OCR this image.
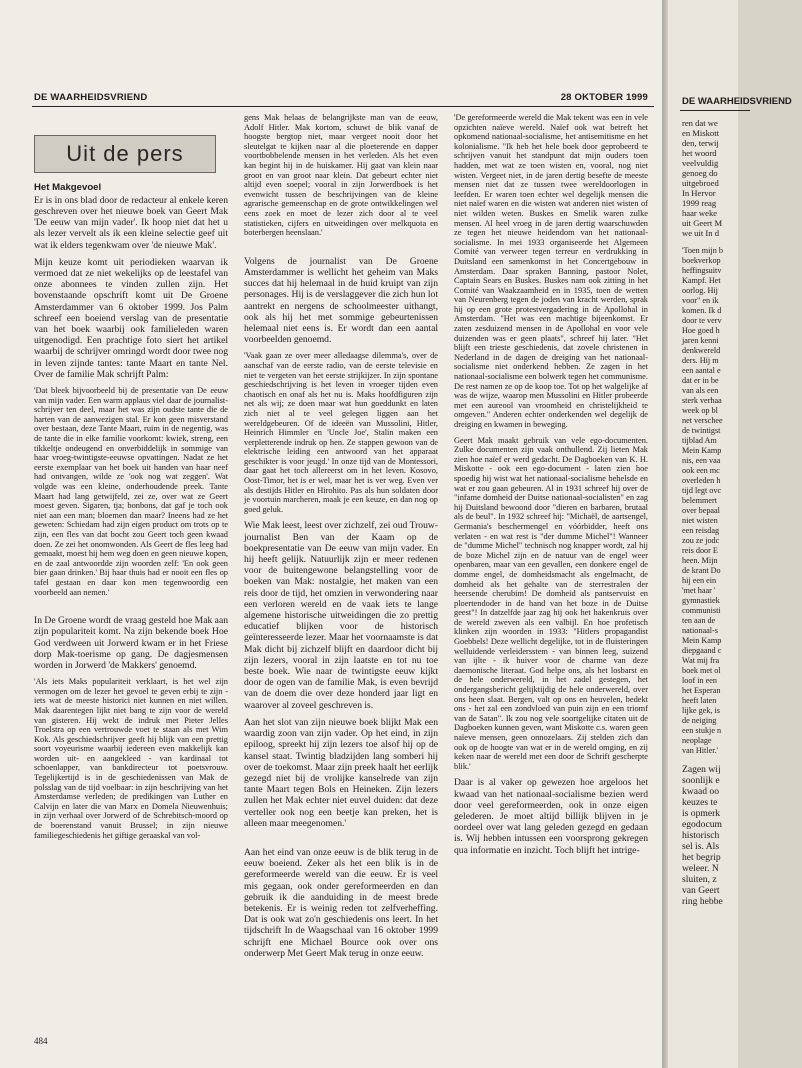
DE WAARHEIDSVRIEND	28 OKTOBER 1999
Uit de pers
Het Makgevoel

Er is in ons blad door de redacteur al enkele keren geschreven over het nieuwe boek van Geert Mak 'De eeuw van mijn vader'. Ik hoop niet dat het u als lezer vervelt als ik een kleine selectie geef uit wat ik elders tegenkwam over 'de nieuwe Mak'.

Mijn keuze komt uit periodieken waarvan ik vermoed dat ze niet wekelijks op de leestafel van onze abonnees te vinden zullen zijn. Het bovenstaande opschrift komt uit De Groene Amsterdammer van 6 oktober 1999. Jos Palm schreef een boeiend verslag van de presentatie van het boek waarbij ook familieleden waren uitgenodigd. Een prachtige foto siert het artikel waarbij de schrijver omringd wordt door twee nog in leven zijnde tantes: tante Maart en tante Nel. Over de familie Mak schrijft Palm:

'Dat bleek bijvoorbeeld bij de presentatie van De eeuw van mijn vader. Een warm applaus viel daar de journalist-schrijver ten deel, maar het was zijn oudste tante die de harten van de aanwezigen stal. Er kon geen misverstand over bestaan, deze Tante Maart, ruim in de negentig, was de tante die in elke familie voorkomt: kwiek, streng, een tikkeltje ondeugend en onverbiddelijk in sommige van haar vroeg-twintigste-eeuwse opvattingen. Nadat ze het eerste exemplaar van het boek uit handen van haar neef had ontvangen, wilde ze 'ook nog wat zeggen'. Wat volgde was een kleine, onderhoudende preek. Tante Maart had lang getwijfeld, zei ze, over wat ze Geert moest geven. Sigaren, tja; bonbons, dat gaf je toch ook niet aan een man; bloemen dan maar? Ineens had ze het geweten: Schiedam had zijn eigen product om trots op te zijn, een fles van dat bocht zou Geert toch geen kwaad doen. Ze zei het onomwonden. Als Geert de fles leeg had gemaakt, moest hij hem weg doen en geen nieuwe kopen, en de zaal antwoordde zijn woorden zelf: 'En ook geen bier gaan drinken.' Bij haar thuis had er nooit een fles op tafel gestaan en daar kon men tegenwoordig een voorbeeld aan nemen.'

In De Groene wordt de vraag gesteld hoe Mak aan zijn populariteit komt. Na zijn bekende boek Hoe God verdween uit Jorwerd kwam er in het Friese dorp Mak-toerisme op gang. De dagjesmensen worden in Jorwerd 'de Makkers' genoemd.

'Als iets Maks populariteit verklaart, is het wel zijn vermogen om de lezer het gevoel te geven erbij te zijn - iets wat de meeste historici niet kunnen en niet willen. Mak daarentegen lijkt niet bang te zijn voor de wereld van gisteren. Hij wekt de indruk met Pieter Jelles Troelstra op een vertrouwde voet te staan als met Wim Kok. Als geschiedschrijver geeft hij blijk van een prettig soort voyeurisme waarbij iedereen even makkelijk kan worden uit- en aangekleed - van kardinaal tot schoenlapper, van bankdirecteur tot poetsvrouw. Tegelijkertijd is in de geschiedenissen van Mak de polsslag van de tijd voelbaar: in zijn beschrijving van het Amsterdamse verleden; de predikingen van Luther en Calvijn en later die van Marx en Domela Nieuwenhuis; in zijn verhaal over Jorwerd of de Schrebitsch-moord op de boerenstand vanuit Brussel; in zijn nieuwe familiegeschiedenis het giftige geraaskal van vol-

gens Mak helaas de belangrijkste man van de eeuw, Adolf Hitler. Mak kortom, schuwt de blik vanaf de hoogste bergtop niet, maar vergeet nooit door het sleutelgat te kijken naar al die ploeterende en dapper voortbobbelende mensen in het verleden. Als het even kan begint hij in de huiskamer. Hij gaat van klein naar groot en van groot naar klein. Dat gebeurt echter niet altijd even soepel; vooral in zijn Jorwerdboek is het evenwicht tussen de beschrijvingen van de kleine agrarische gemeenschap en de grote ontwikkelingen wel eens zoek en moet de lezer zich door al te veel statistieken, cijfers en uitweidingen over melkquota en boterbergen heenslaan.'

Volgens de journalist van De Groene Amsterdammer is wellicht het geheim van Maks succes dat hij helemaal in de huid kruipt van zijn personages. Hij is de verslaggever die zich hun lot aantrekt en nergens de schoolmeester uithangt, ook als hij het met sommige gebeurtenissen helemaal niet eens is. Er wordt dan een aantal voorbeelden genoemd.

'Vaak gaan ze over meer alledaagse dilemma's, over de aanschaf van de eerste radio, van de eerste televisie en niet te vergeten van het eerste strijkijzer. In zijn spontane geschiedschrijving is het leven in vroeger tijden even chaotisch en onaf als het nu is. Maks hoofdfiguren zijn net als wij; ze doen maar wat hun goeddunkt en laten zich niet al te veel gelegen liggen aan het wereldgebeuren. Of de ideeën van Mussolini, Hitler, Heinrich Himmler en 'Uncle Joe', Stalin maken een verpletterende indruk op hen. Ze stappen gewoon van de elektrische leiding een antwoord van het apparaat geschikter is voor jeugd.' In onze tijd van de Montessori, daar gaat het toch allereerst om in het leven. Kosovo, Oost-Timor, het is er wel, maar het is ver weg. Even ver als destijds Hitler en Hirohito. Pas als hun soldaten door je voortuin marcheren, maak je een keuze, en dan nog op goed geluk.

Wie Mak leest, leest over zichzelf, zei oud Trouw-journalist Ben van der Kaam op de boekpresentatie van De eeuw van mijn vader. En hij heeft gelijk. Natuurlijk zijn er meer redenen voor de buitengewone belangstelling voor de boeken van Mak: nostalgie, het maken van een reis door de tijd, het omzien in verwondering naar een verloren wereld en de vaak iets te lange algemene historische uitweidingen die zo prettig educatief blijken voor de historisch geïnteresseerde lezer. Maar het voornaamste is dat Mak dicht bij zichzelf blijft en daardoor dicht bij zijn lezers, vooral in zijn laatste en tot nu toe beste boek. Wie naar de twintigste eeuw kijkt door de ogen van de familie Mak, is even bevrijd van de doem die over deze honderd jaar ligt en waarover al zoveel geschreven is.

Aan het slot van zijn nieuwe boek blijkt Mak een waardig zoon van zijn vader. Op het eind, in zijn epiloog, spreekt hij zijn lezers toe alsof hij op de kansel staat. Twintig bladzijden lang somberi hij over de toekomst. Maar zijn preek haalt het eerlijk gezegd niet bij de vrolijke kanselrede van zijn tante Maart tegen Bols en Heineken. Zijn lezers zullen het Mak echter niet euvel duiden: dat deze verteller ook nog een beetje kan preken, het is alleen maar meegenomen.'

Aan het eind van onze eeuw is de blik terug in de eeuw boeiend. Zeker als het een blik is in de gereformeerde wereld van die eeuw. Er is veel mis gegaan, ook onder gereformeerden en dan gebruik ik die aanduiding in de meest brede betekenis. Er is weinig reden tot zelfverheffing. Dat is ook wat zo'n geschiedenis ons leert. In het tijdschrift In de Waagschaal van 16 oktober 1999 schrijft ene Michael Bource ook over ons onderwerp Met Geert Mak terug in onze eeuw.

'De gereformeerde wereld die Mak tekent was een in vele opzichten naïeve wereld. Naïef ook wat betreft het opkomend nationaal-socialisme, het antisemitisme en het kolonialisme. "Ik heb het hele boek door geprobeerd te schrijven vanuit het standpunt dat mijn ouders toen hadden, met wat ze toen wisten en, vooral, nog niet wisten. Vergeet niet, in de jaren dertig besefte de meeste mensen niet dat ze tussen twee wereldoorlogen in leefden. Er waren toen echter wel degelijk mensen die niet naïef waren en die wisten wat anderen niet wisten of niet wilden weten. Buskes en Smelik waren zulke mensen. Al heel vroeg in de jaren dertig waarschuwden ze tegen het nieuwe heidendom van het nationaal-socialisme. In mei 1933 organiseerde het Algemeen Comité van verweer tegen terreur en verdrukking in Duitsland een samenkomst in het Concertgebouw in Amsterdam. Daar spraken Banning, pastoor Nolet, Captain Sears en Buskes. Buskes nam ook zitting in het Comité van Waakzaamheid en in 1935, toen de wetten van Neurenberg tegen de joden van kracht werden, sprak hij op een grote protestvergadering in de Apollohal in Amsterdam. "Het was een machtige bijeenkomst. Er zaten zesduizend mensen in de Apollohal en voor vele duizenden was er geen plaats", schreef hij later. "Het blijft een trieste geschiedenis, dat zovele christenen in Nederland in de dagen de dreiging van het nationaal-socialisme niet onderkend hebben. Ze zagen in het nationaal-socialisme een bolwerk tegen het communisme. De rest namen ze op de koop toe. Tot op het walgelijke af was de wijze, waarop men Mussolini en Hitler probeerde met een aureool van vroomheid en christelijkheid te omgeven." Anderen echter onderkenden wel degelijk de dreiging en kwamen in beweging.

Geert Mak maakt gebruik van vele ego-documenten. Zulke documenten zijn vaak onthullend. Zij lieten Mak zien hoe naïef er werd gedacht. De Dagboeken van K. H. Miskotte - ook een ego-document - laten zien hoe spoedig hij wist wat het nationaal-socialisme behelsde en wat er zou gaan gebeuren. Al in 1931 schreef hij over de "infame domheid der Duitse nationaal-socialisten" en zag hij Duitsland bewoond door "dieren en barbaren, brutaal als de beul". In 1932 schreef hij: "Michaël, de aartsengel, Germania's beschermengel en vóórbidder, heeft ons verlaten - en wat rest is "der dumme Michel"! Wanneer de "dumme Michel" technisch nog knapper wordt, zal hij de boze Michel zijn en de natuur van de engel weer openbaren, maar van een gevallen, een donkere engel de domme engel, de domheidsmacht als engelmacht, de domheid als het gehalte van de sterrestralen der heersende cherubim! De domheid als pantservuist en ploertendoder in de hand van het boze in de Duitse geest"! In datzelfde jaar zag hij ook het hakenkruis over de wereld zweven als een valbijl. En hoe profetisch klinken zijn woorden in 1933: "Hitlers propagandist Goebbels! Deze wellicht degelijke, tot in de fluisteringen welluidende verleidersstem - van binnen leeg, suizend van ijlte - ik huiver voor de charme van deze daemonische literaat. God helpe ons, als het losbarst en de hele onderwereld, in het zadel gestegen, het ondergangsbericht gelijktijdig de hele onderwereld, over ons heen slaat. Bergen, valt op ons en heuvelen, bedekt ons - het zal een zondvloed van puin zijn en een triomf van de Satan". Ik zou nog vele soortgelijke citaten uit de Dagboeken kunnen geven, want Miskotte c.s. waren geen naïeve mensen, geen onnozelaars. Zij stelden zich dan ook op de hoogte van wat er in de wereld omging, en zij keken naar de wereld met een door de Schrift gescherpte blik.'

Daar is al vaker op gewezen hoe argeloos het kwaad van het nationaal-socialisme bezien werd door veel gereformeerden, ook in onze eigen gelederen. Je moet altijd billijk blijven in je oordeel over wat lang geleden gezegd en gedaan is. Wij hebben intussen een voorsprong gekregen qua informatie en inzicht. Toch blijft het intrige-

484
DE WAARHEIDSVRIEND
ren dat we
en Miskott
den, terwij
het woord
veelvuldig
genoeg do
uitgebroed
In Hervor
1999 reag
haar weke
uit Geert M
we uit In d
'Toen mijn b
boekverkop
heffingsuitv
Kampf. Het
oorlog. Hij
voor" en ik
komen. Ik d
door te verv
Hoe goed h
jaren kenni
denkwereld
ders. Hij m
een aantal e
dat er in be
van als een
sterk verhaa
week op bl
net verschee
de twintigst
tijblad Am
Mein Kamp
nis, een vaa
ook een mc
overleden h
tijd legt ovc
belemmert
over bepaal
niet wisten
een reisdag
zou ze jodc
reis door E
heen. Mijn
de krant Do
hij een ein
'met haar '
gymnastiek
communisti
ten aan de
nationaal-s
Mein Kamp
diepgaand c
Wat mij fra
boek met ol
loof in een
het Esperan
heeft laten
lijke gek, is
de neiging
een stukje n
neoplage
van Hitler.'
Zagen wij
soonlijk e
kwaad oo
keuzes te
is opmerk
egodocum
historisch
sel is. Als
het begrip
weleer. N
sluiten, z
van Geert
ring hebbe
